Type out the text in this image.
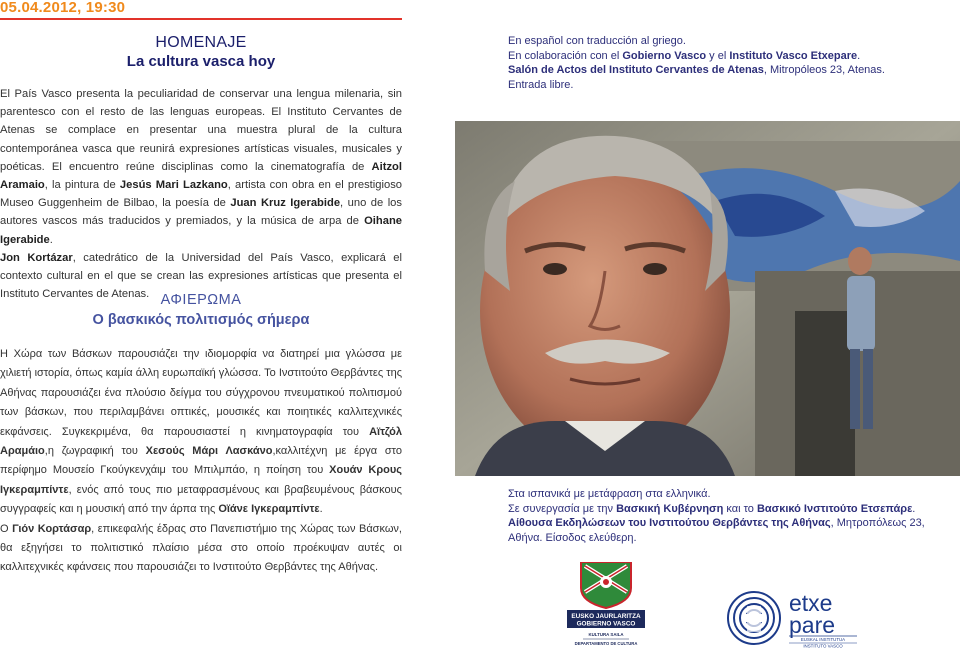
05.04.2012, 19:30
HOMENAJE
La cultura vasca hoy

El País Vasco presenta la peculiaridad de conservar una lengua milenaria, sin parentesco con el resto de las lenguas europeas. El Instituto Cervantes de Atenas se complace en presentar una muestra plural de la cultura contemporánea vasca que reunirá expresiones artísticas visuales, musicales y poéticas. El encuentro reúne disciplinas como la cinematografía de Aitzol Aramaio, la pintura de Jesús Mari Lazkano, artista con obra en el prestigioso Museo Guggenheim de Bilbao, la poesía de Juan Kruz Igerabide, uno de los autores vascos más traducidos y premiados, y la música de arpa de Oihane Igerabide.

Jon Kortázar, catedrático de la Universidad del País Vasco, explicará el contexto cultural en el que se crean las expresiones artísticas que presenta el Instituto Cervantes de Atenas. ΑΦΙΕΡΩΜΑ
Ο βασκικός πολιτισμός σήμερα

Η Χώρα των Βάσκων παρουσιάζει την ιδιομορφία να διατηρεί μια γλώσσα με χιλιετή ιστορία, όπως καμία άλλη ευρωπαϊκή γλώσσα. Το Ινστιτούτο Θερβάντες της Αθήνας παρουσιάζει ένα πλούσιο δείγμα του σύγχρονου πνευματικού πολιτισμού των βάσκων, που περιλαμβάνει οπτικές, μουσικές και ποιητικές καλλιτεχνικές εκφάνσεις. Συγκεκριμένα, θα παρουσιαστεί η κινηματογραφία του Αϊτζόλ Αραμάιο,η ζωγραφική του Χεσούς Μάρι Λασκάνο,καλλιτέχνη με έργα στο περίφημο Μουσείο Γκούγκενχάιμ του Μπιλμπάο, η ποίηση του Χουάν Κρους Ιγκεραμπίντε, ενός από τους πιο μεταφρασμένους και βραβευμένους βάσκους συγγραφείς και η μουσική από την άρπα της Οϊάνε Ιγκεραμπίντε.

Ο Γιόν Κορτάσαρ, επικεφαλής έδρας στο Πανεπιστήμιο της Χώρας των Βάσκων, θα εξηγήσει το πολιτιστικό πλαίσιο μέσα στο οποίο προέκυψαν αυτές οι καλλιτεχνικές κφάνσεις που παρουσιάζει το Ινστιτούτο Θερβάντες της Αθήνας.

En español con traducción al griego.
En colaboración con el Gobierno Vasco y el Instituto Vasco Etxepare.
Salón de Actos del Instituto Cervantes de Atenas, Mitropóleos 23, Atenas.
Entrada libre.
Στα ισπανικά με μετάφραση στα ελληνικά.
Σε συνεργασία με την Βασκική Κυβέρνηση και το Βασκικό Ινστιτούτο Ετσεπάρε.
Αίθουσα Εκδηλώσεων του Ινστιτούτου Θερβάντες της Αθήνας, Μητροπόλεως 23,
Αθήνα. Είσοδος ελεύθερη.
EUSKO JAURLARITZA
GOBIERNO VASCO
KULTURA SAILA
DEPARTAMENTO DE CULTURA
etxe
pare
EUSKAL INSTITUTUA
INSTITUTO VASCO
